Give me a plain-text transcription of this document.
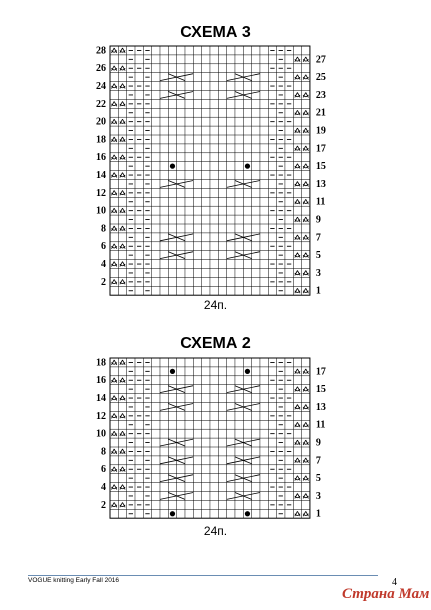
СХЕМА 3
28
26
24
22
20
18
16
14
12
10
8
6
4
2
27
25
23
21
19
17
15
13
11
9
7
5
3
1
24п.
СХЕМА 2
18
16
14
12
10
8
6
4
2
17
15
13
11
9
7
5
3
1
24п.
VOGUE knitting Early Fall 2016	4
Страна Мам
